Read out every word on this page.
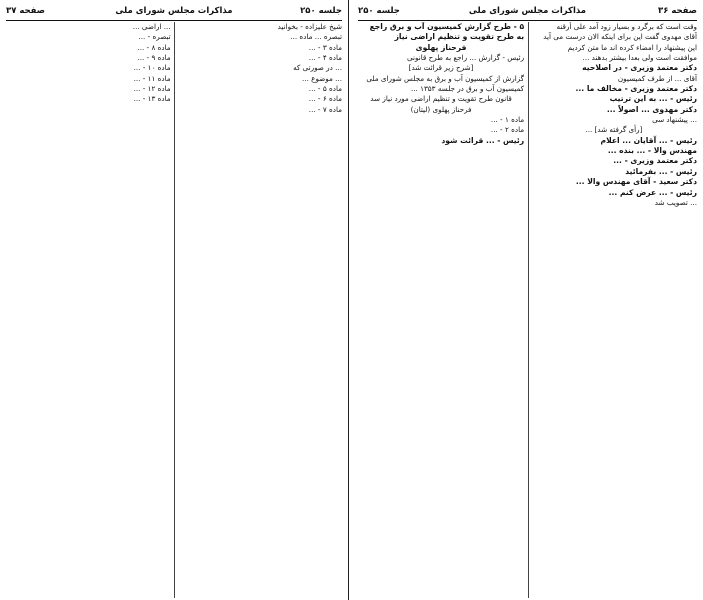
جلسه ۲۵۰
مذاکرات مجلس شورای ملی
صفحه ۳۷

شیخ علیزاده - بخوانید

تبصره ... ماده ...

ماده ۳ - ...

ماده ۴ - ...

... در صورتی که

... موضوع ...

ماده ۵ - ...

ماده ۶ - ...

ماده ۷ - ...

... اراضی ...

تبصره - ...

ماده ۸ - ...

ماده ۹ - ...

ماده ۱۰ - ...

ماده ۱۱ - ...

ماده ۱۲ - ...

ماده ۱۳ - ...

صفحه ۳۶
مذاکرات مجلس شورای ملی
جلسه ۲۵۰

وقت است که برگرد و بسیار زود آمد علی أرقنه

آقای مهدوی گفت این برای اینکه الان درست می آید

این پیشنهاد را امضاء کرده اند ما متن کردیم

موافقت است ولی بعدا بیشتر بدهند ...

دکتر معتمد وزیری - در اصلاحیه

آقای ... از طرف کمیسیون

دکتر معتمد وزیری - مخالف ما ...

رئیس - ... به این ترتیب

دکتر مهدوی ... اصولاً ...

... پیشنهاد سی

[رأی گرفته شد] ...

رئیس - ... آقایان ... اعلام

مهندس والا - ... بنده ...

دکتر معتمد وزیری - ...

رئیس - ... بفرمائید

دکتر سعید - آقای مهندس والا ...

رئیس - ... عرض کنم ...

... تصویب شد

۵ - طرح گزارش کمیسیون آب و برق راجع

به طرح تقویت و تنظیم اراضی نیاز

فرحناز پهلوی

رئیس - گزارش ... راجع به طرح قانونی

[شرح زیر قرائت شد]

گزارش از کمیسیون آب و برق به مجلس شورای ملی

کمیسیون آب و برق در جلسه ۱۳۵۳ ...

قانون طرح تقویت و تنظیم اراضی مورد نیاز سد

فرحناز پهلوی (لیتان)

ماده ۱ - ...

ماده ۲ - ...

رئیس - ... قرائت شود
